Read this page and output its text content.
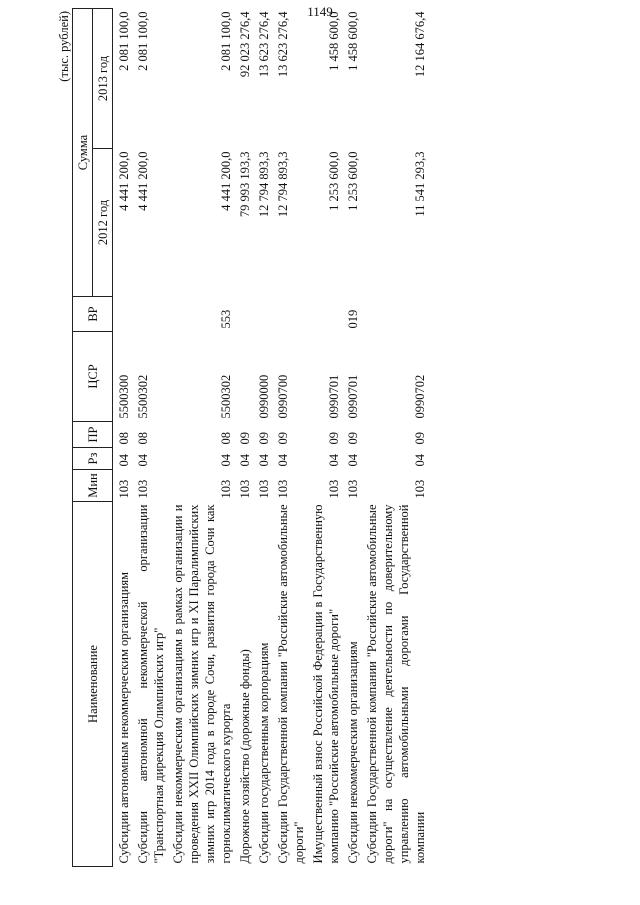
1149
(тыс. рублей)
Наименование	Мин	Рз	ПР	ЦСР	ВР	Сумма	
						2012 год	2013 год
Субсидии автономным некоммерческим организациям	103	04	08	5500300		4 441 200,0	2 081 100,0
Субсидии автономной некоммерческой организации "Транспортная дирекция Олимпийских игр"	103	04	08	5500302		4 441 200,0	2 081 100,0
Субсидии некоммерческим организациям в рамках организации и проведения XXII Олимпийских зимних игр и XI Паралимпийских зимних игр 2014 года в городе Сочи, развития города Сочи как горноклиматического курорта	103	04	08	5500302	553	4 441 200,0	2 081 100,0
Дорожное хозяйство (дорожные фонды)	103	04	09			79 993 193,3	92 023 276,4
Субсидии государственным корпорациям	103	04	09	0990000		12 794 893,3	13 623 276,4
Субсидии Государственной компании "Российские автомобильные дороги"	103	04	09	0990700		12 794 893,3	13 623 276,4
Имущественный взнос Российской Федерации в Государственную компанию "Российские автомобильные дороги"	103	04	09	0990701		1 253 600,0	1 458 600,0
Субсидии некоммерческим организациям	103	04	09	0990701	019	1 253 600,0	1 458 600,0
Субсидии Государственной компании "Российские автомобильные дороги" на осуществление деятельности по доверительному управлению автомобильными дорогами Государственной компании	103	04	09	0990702		11 541 293,3	12 164 676,4
